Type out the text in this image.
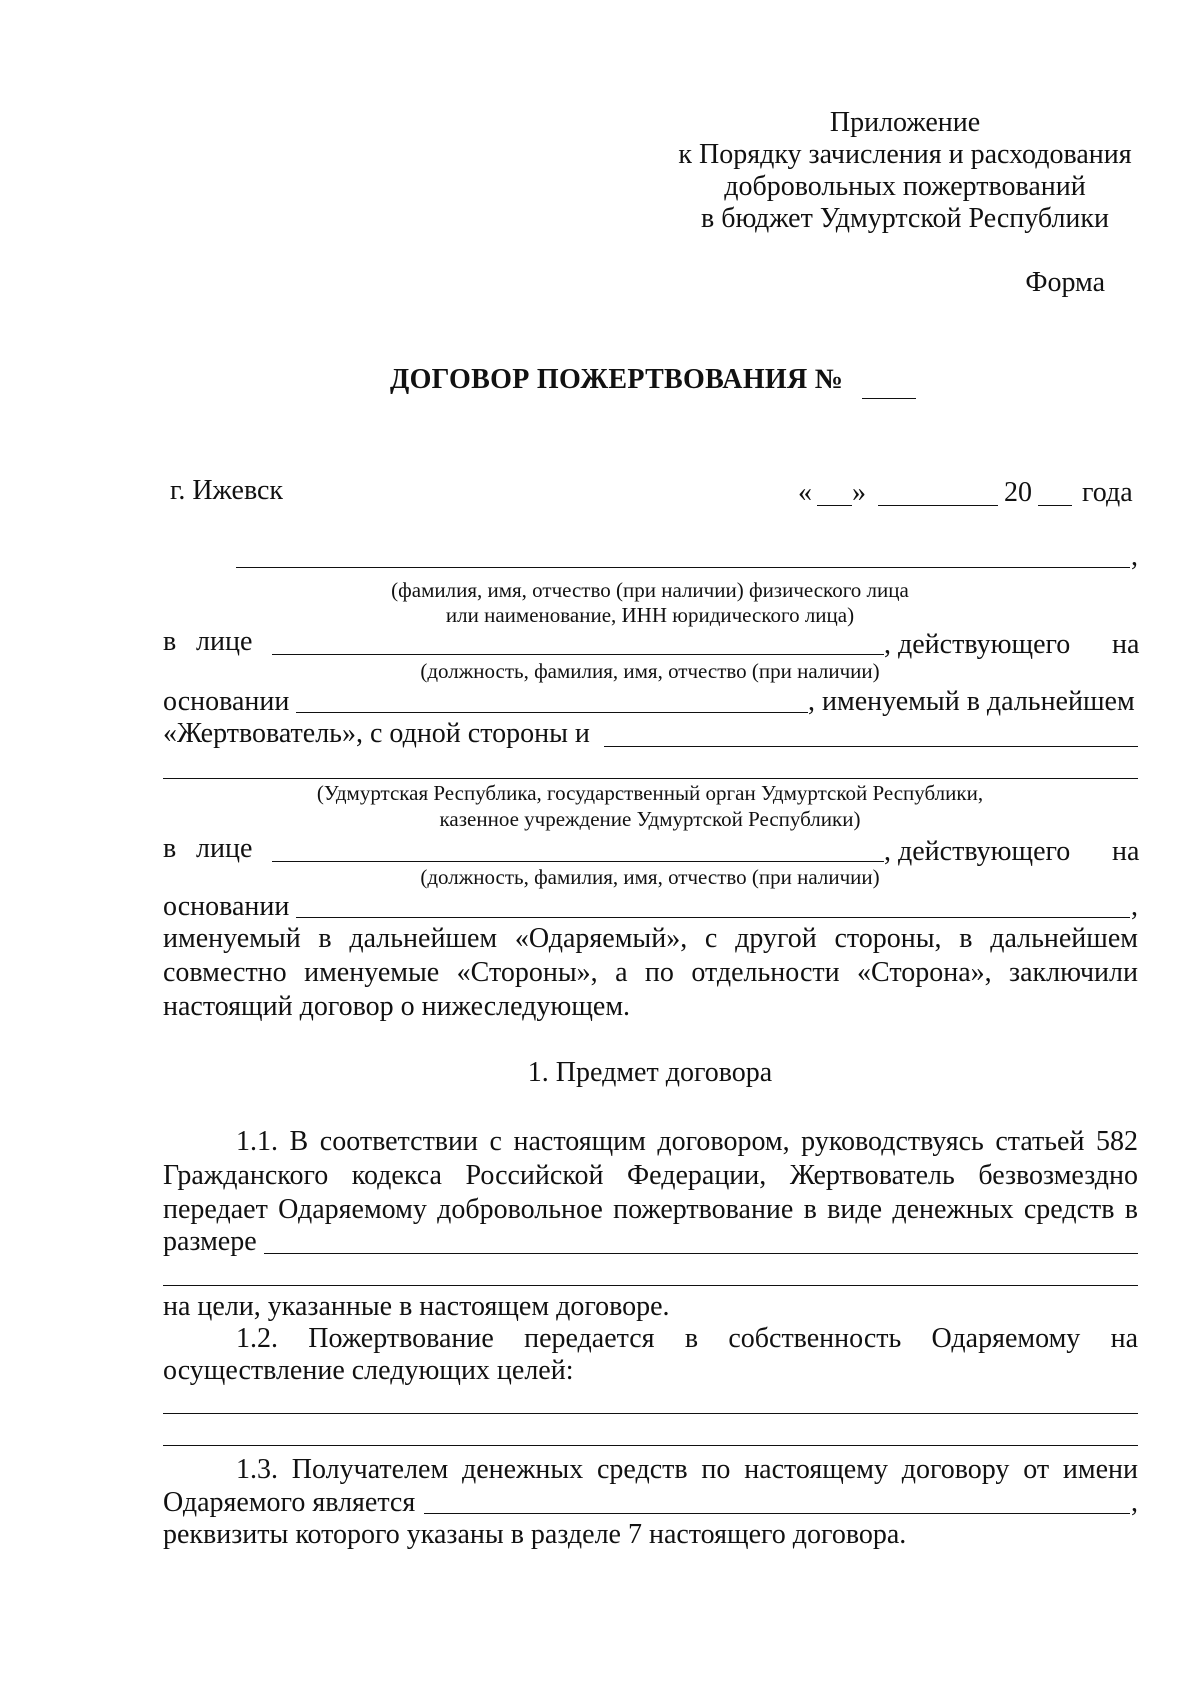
Приложение
к Порядку зачисления и расходования
добровольных пожертвований
в бюджет Удмуртской Республики
Форма
ДОГОВОР ПОЖЕРТВОВАНИЯ №
г. Ижевск	« »	20 года
,
(фамилия, имя, отчество (при наличии) физического лица
или наименование, ИНН юридического лица)
в лице	, действующего на
(должность, фамилия, имя, отчество (при наличии)
основании	, именуемый в дальнейшем
«Жертвователь», с одной стороны и
(Удмуртская Республика, государственный орган Удмуртской Республики,
казенное учреждение Удмуртской Республики)
в лице	, действующего на
(должность, фамилия, имя, отчество (при наличии)
основании	,
именуемый в дальнейшем «Одаряемый», с другой стороны, в дальнейшем
совместно именуемые «Стороны», а по отдельности «Сторона», заключили
настоящий договор о нижеследующем.
1. Предмет договора
1.1. В соответствии с настоящим договором, руководствуясь статьей 582
Гражданского кодекса Российской Федерации, Жертвователь безвозмездно
передает Одаряемому добровольное пожертвование в виде денежных средств в
размере
на цели, указанные в настоящем договоре.
1.2. Пожертвование передается в собственность Одаряемому на
осуществление следующих целей:
1.3. Получателем денежных средств по настоящему договору от имени
Одаряемого является	,
реквизиты которого указаны в разделе 7 настоящего договора.
